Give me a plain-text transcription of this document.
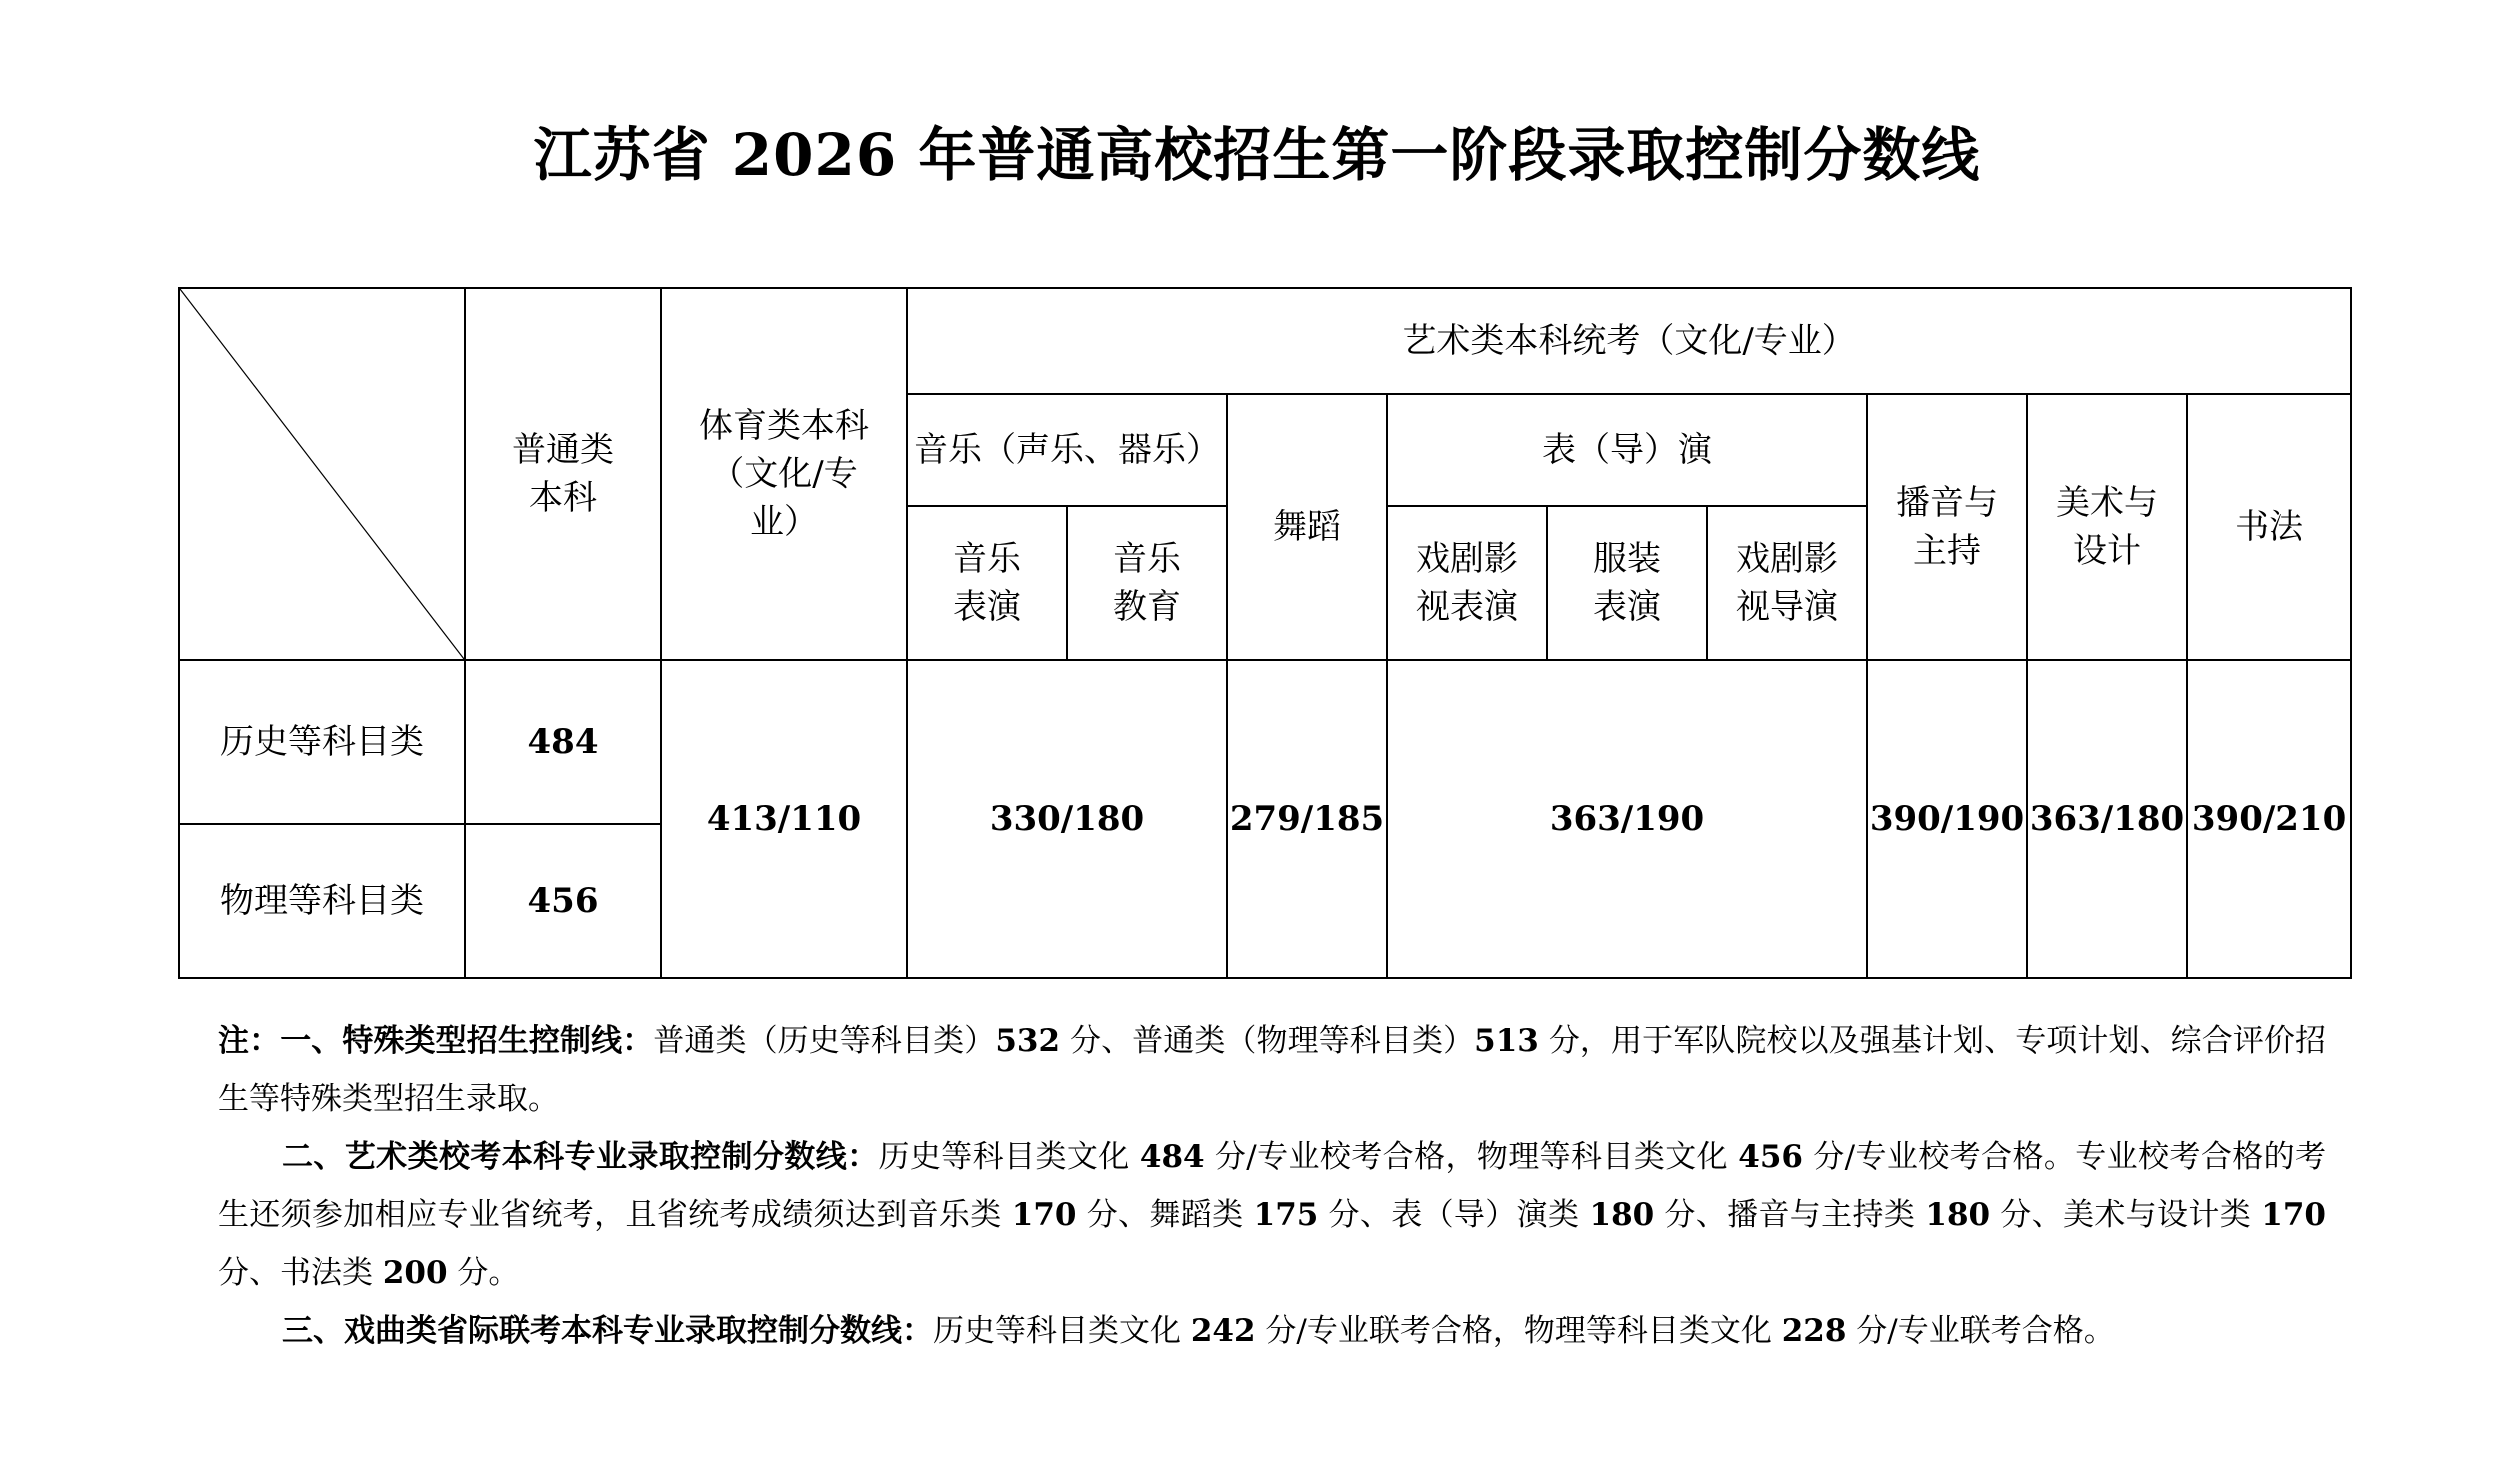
江苏省 2026 年普通高校招生第一阶段录取控制分数线
	普通类本科	体育类本科（文化/专业）	艺术类本科统考（文化/专业）								
			音乐（声乐、器乐）		舞蹈	表（导）演			播音与主持	美术与设计	书法
			音乐表演	音乐教育		戏剧影视表演	服装表演	戏剧影视导演			
历史等科目类	484	413/110	330/180		279/185	363/190			390/190	363/180	390/210
物理等科目类	456										

注：一、特殊类型招生控制线：普通类（历史等科目类）532 分、普通类（物理等科目类）513 分，用于军队院校以及强基计划、专项计划、综合评价招生等特殊类型招生录取。

二、艺术类校考本科专业录取控制分数线：历史等科目类文化 484 分/专业校考合格，物理等科目类文化 456 分/专业校考合格。专业校考合格的考生还须参加相应专业省统考，且省统考成绩须达到音乐类 170 分、舞蹈类 175 分、表（导）演类 180 分、播音与主持类 180 分、美术与设计类 170 分、书法类 200 分。

三、戏曲类省际联考本科专业录取控制分数线：历史等科目类文化 242 分/专业联考合格，物理等科目类文化 228 分/专业联考合格。
